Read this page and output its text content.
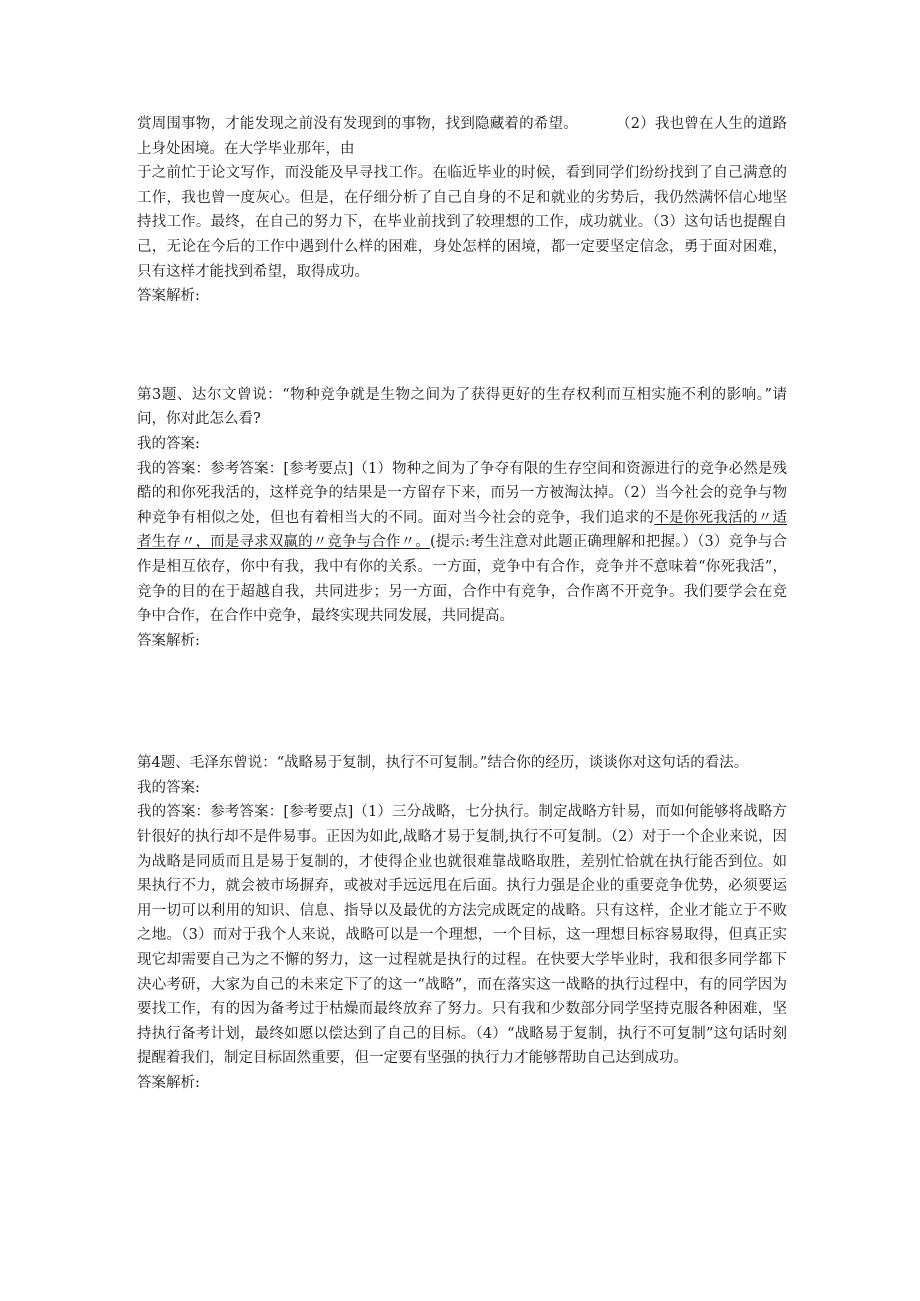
赏周围事物，才能发现之前没有发现到的事物，找到隐藏着的希望。	（2）我也曾在人生的道路上身处困境。在大学毕业那年，由

于之前忙于论文写作，而没能及早寻找工作。在临近毕业的时候，看到同学们纷纷找到了自己满意的工作，我也曾一度灰心。但是，在仔细分析了自己自身的不足和就业的劣势后，我仍然满怀信心地坚持找工作。最终，在自己的努力下，在毕业前找到了较理想的工作，成功就业。（3）这句话也提醒自己，无论在今后的工作中遇到什么样的困难，身处怎样的困境，都一定要坚定信念，勇于面对困难，只有这样才能找到希望，取得成功。

答案解析:

第3题、达尔文曾说：“物种竞争就是生物之间为了获得更好的生存权利而互相实施不利的影响。”请问，你对此怎么看?

我的答案:

我的答案：参考答案：[参考要点]（1）物种之间为了争夺有限的生存空间和资源进行的竞争必然是残酷的和你死我活的，这样竞争的结果是一方留存下来，而另一方被淘汰掉。（2）当今社会的竞争与物种竞争有相似之处，但也有着相当大的不同。面对当今社会的竞争，我们追求的不是你死我活的〃适者生存〃，而是寻求双赢的〃竞争与合作〃。(提示:考生注意对此题正确理解和把握。）（3）竞争与合作是相互依存，你中有我，我中有你的关系。一方面，竞争中有合作，竞争并不意味着“你死我活”，竞争的目的在于超越自我，共同进步；另一方面，合作中有竞争，合作离不开竞争。我们要学会在竞争中合作，在合作中竞争，最终实现共同发展，共同提高。

答案解析:

第4题、毛泽东曾说：“战略易于复制，执行不可复制。”结合你的经历，谈谈你对这句话的看法。

我的答案:

我的答案：参考答案：[参考要点]（1）三分战略，七分执行。制定战略方针易，而如何能够将战略方针很好的执行却不是件易事。正因为如此,战略才易于复制,执行不可复制。（2）对于一个企业来说，因为战略是同质而且是易于复制的，才使得企业也就很难靠战略取胜，差别忙恰就在执行能否到位。如果执行不力，就会被市场摒弃，或被对手远远甩在后面。执行力强是企业的重要竞争优势，必须要运用一切可以利用的知识、信息、指导以及最优的方法完成既定的战略。只有这样，企业才能立于不败之地。（3）而对于我个人来说，战略可以是一个理想，一个目标，这一理想目标容易取得，但真正实现它却需要自己为之不懈的努力，这一过程就是执行的过程。在快要大学毕业时，我和很多同学都下决心考研，大家为自己的未来定下了的这一“战略”，而在落实这一战略的执行过程中，有的同学因为要找工作，有的因为备考过于枯燥而最终放弃了努力。只有我和少数部分同学坚持克服各种困难，坚持执行备考计划，最终如愿以偿达到了自己的目标。（4）“战略易于复制，执行不可复制”这句话时刻提醒着我们，制定目标固然重要，但一定要有坚强的执行力才能够帮助自己达到成功。

答案解析:
